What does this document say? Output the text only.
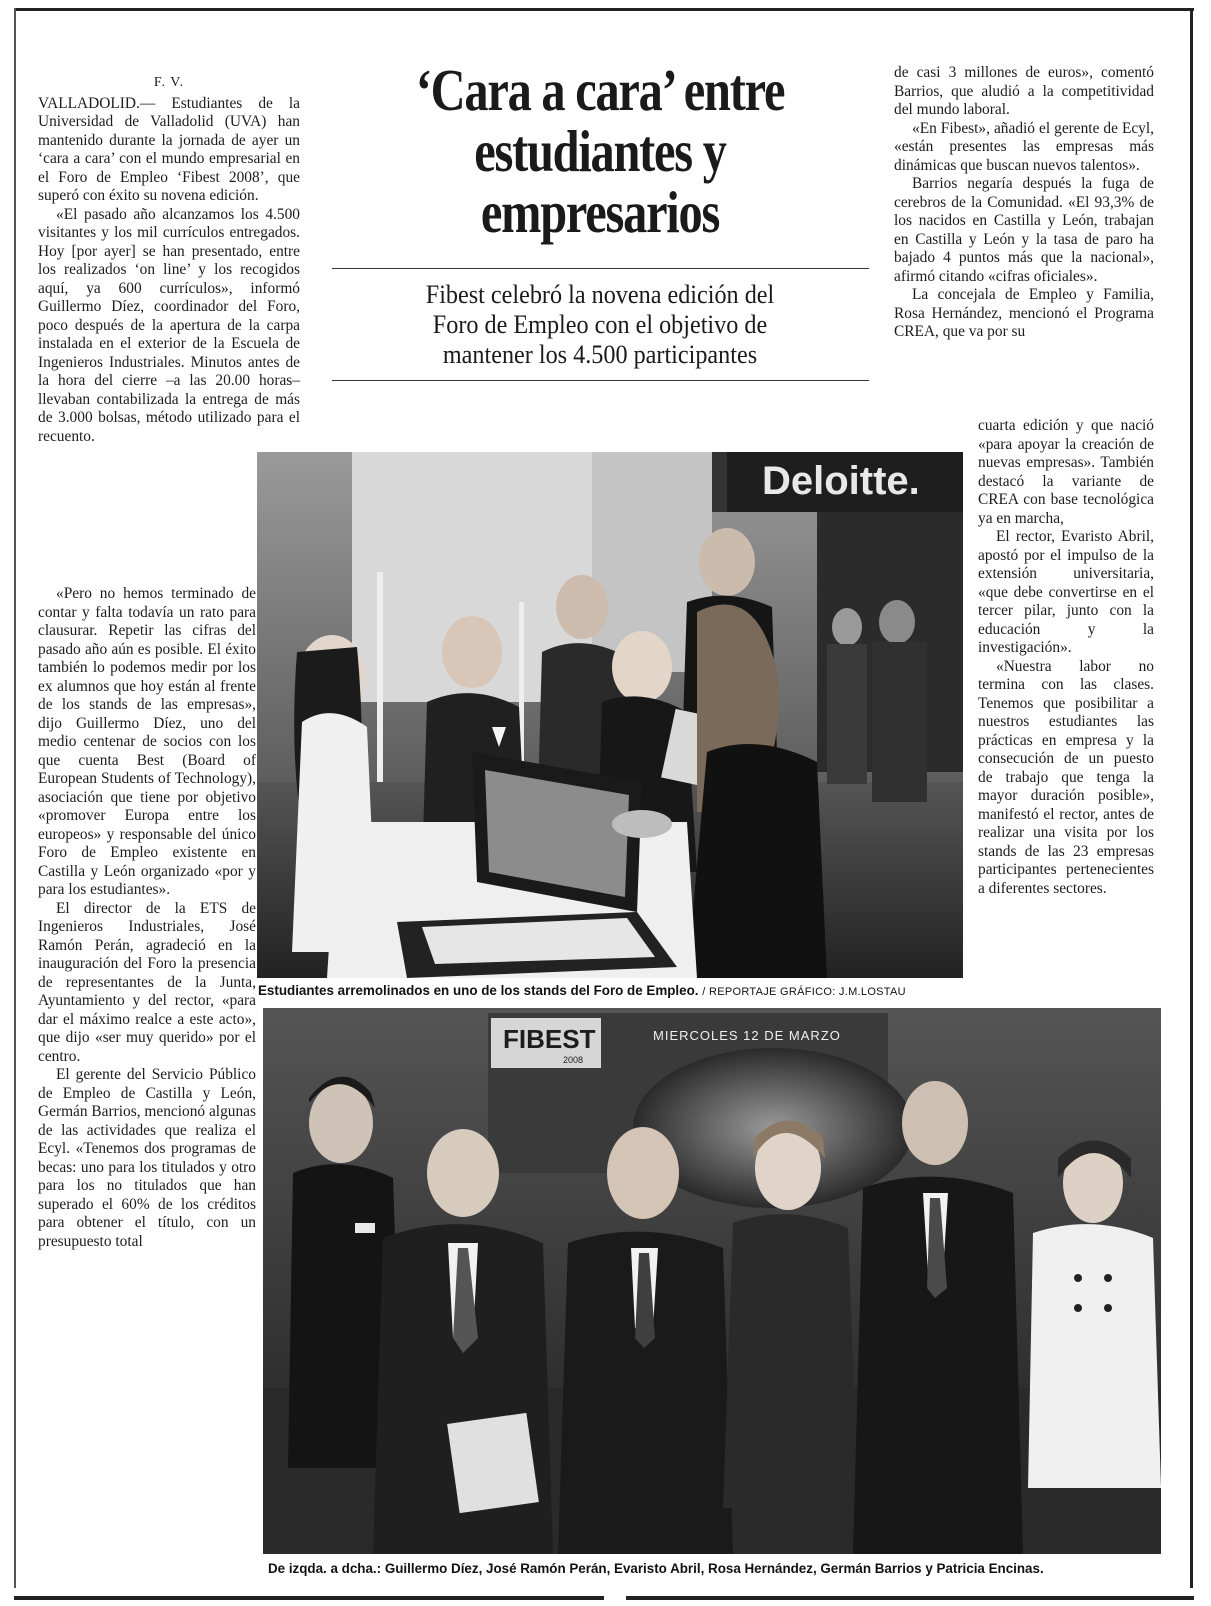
F. V.

VALLADOLID.— Estudiantes de la Universidad de Valladolid (UVA) han mantenido durante la jornada de ayer un ‘cara a cara’ con el mundo empresarial en el Foro de Empleo ‘Fibest 2008’, que superó con éxito su novena edición.

«El pasado año alcanzamos los 4.500 visitantes y los mil currículos entregados. Hoy [por ayer] se han presentado, entre los realizados ‘on line’ y los recogidos aquí, ya 600 currículos», informó Guillermo Díez, coordinador del Foro, poco después de la apertura de la carpa instalada en el exterior de la Escuela de Ingenieros Industriales. Minutos antes de la hora del cierre –a las 20.00 horas– llevaban contabilizada la entrega de más de 3.000 bolsas, método utilizado para el recuento.

«Pero no hemos terminado de contar y falta todavía un rato para clausurar. Repetir las cifras del pasado año aún es posible. El éxito también lo podemos medir por los ex alumnos que hoy están al frente de los stands de las empresas», dijo Guillermo Díez, uno del medio centenar de socios con los que cuenta Best (Board of European Students of Technology), asociación que tiene por objetivo «promover Europa entre los europeos» y responsable del único Foro de Empleo existente en Castilla y León organizado «por y para los estudiantes».

El director de la ETS de Ingenieros Industriales, José Ramón Perán, agradeció en la inauguración del Foro la presencia de representantes de la Junta, Ayuntamiento y del rector, «para dar el máximo realce a este acto», que dijo «ser muy querido» por el centro.

El gerente del Servicio Público de Empleo de Castilla y León, Germán Barrios, mencionó algunas de las actividades que realiza el Ecyl. «Tenemos dos programas de becas: uno para los titulados y otro para los no titulados que han superado el 60% de los créditos para obtener el título, con un presupuesto total

‘Cara a cara’ entre
estudiantes y
empresarios
Fibest celebró la novena edición del
Foro de Empleo con el objetivo de
mantener los 4.500 participantes

de casi 3 millones de euros», comentó Barrios, que aludió a la competitividad del mundo laboral.

«En Fibest», añadió el gerente de Ecyl, «están presentes las empresas más dinámicas que buscan nuevos talentos».

Barrios negaría después la fuga de cerebros de la Comunidad. «El 93,3% de los nacidos en Castilla y León, trabajan en Castilla y León y la tasa de paro ha bajado 4 puntos más que la nacional», afirmó citando «cifras oficiales».

La concejala de Empleo y Familia, Rosa Hernández, mencionó el Programa CREA, que va por su

cuarta edición y que nació «para apoyar la creación de nuevas empresas». También destacó la variante de CREA con base tecnológica ya en marcha,

El rector, Evaristo Abril, apostó por el impulso de la extensión universitaria, «que debe convertirse en el tercer pilar, junto con la educación y la investigación».

«Nuestra labor no termina con las clases. Tenemos que posibilitar a nuestros estudiantes las prácticas en empresa y la consecución de un puesto de trabajo que tenga la mayor duración posible», manifestó el rector, antes de realizar una visita por los stands de las 23 empresas participantes pertenecientes a diferentes sectores.

Deloitte.
Estudiantes arremolinados en uno de los stands del Foro de Empleo. / REPORTAJE GRÁFICO: J.M.LOSTAU
FIBEST
2008
MIERCOLES 12 DE MARZO
De izqda. a dcha.: Guillermo Díez, José Ramón Perán, Evaristo Abril, Rosa Hernández, Germán Barrios y Patricia Encinas.
